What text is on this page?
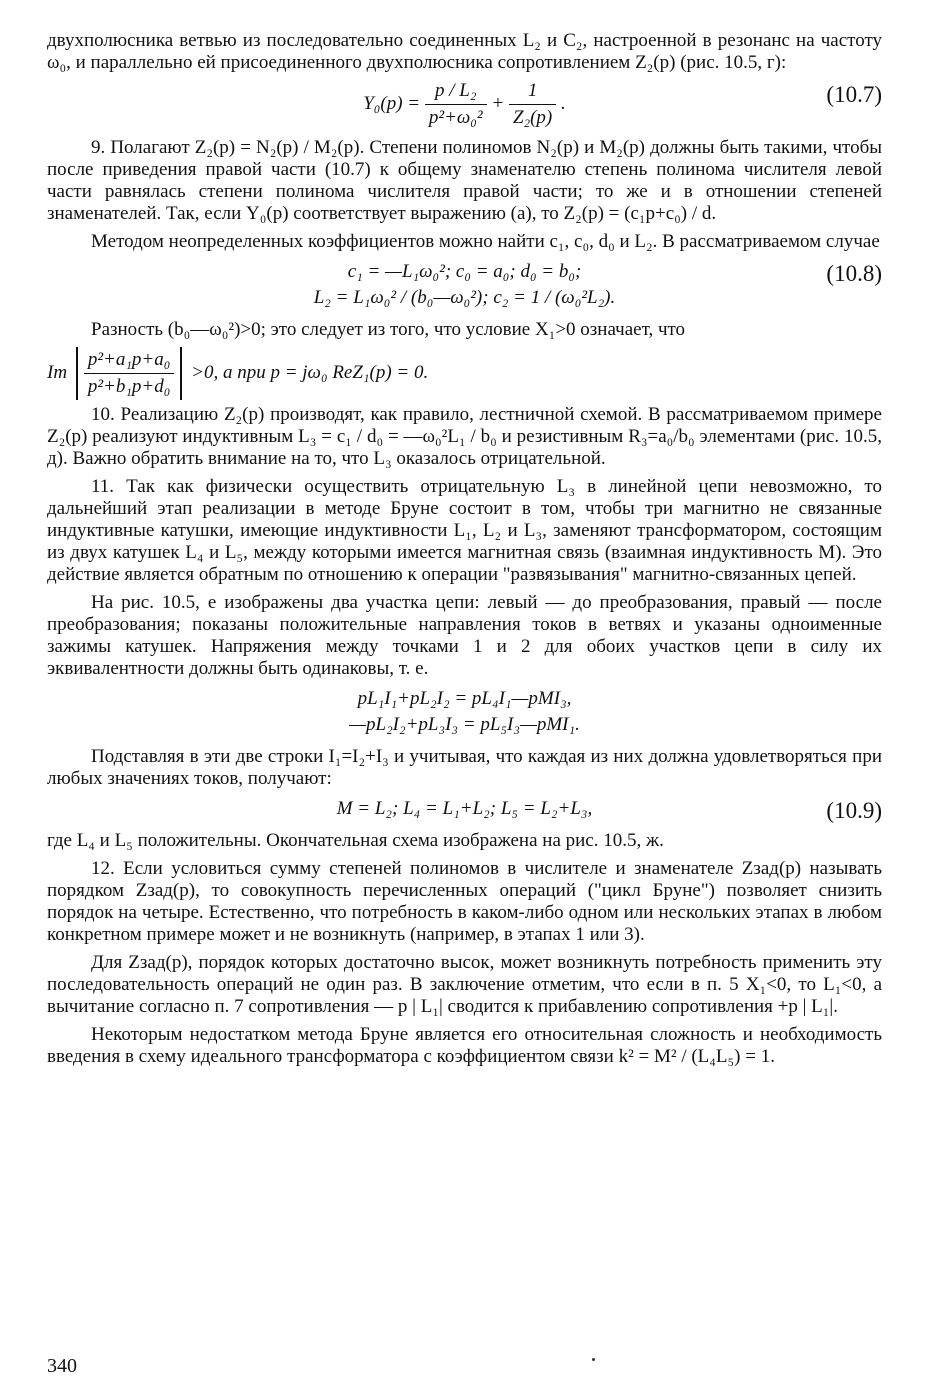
двухполюсника ветвью из последовательно соединенных L₂ и C₂, настроенной в резонанс на частоту ω₀, и параллельно ей присоединенного двухполюсника сопротивлением Z₂(p) (рис. 10.5, г):

$Y_0(p) = \frac{\text{p / L₂}}{\text{p²+ω₀²}} + \frac{1}{\text{Z₂(p)}}$ .	(10.7)

9. Полагают Z₂(p) = N₂(p) / M₂(p). Степени полиномов N₂(p) и M₂(p) должны быть такими, чтобы после приведения правой части (10.7) к общему знаменателю степень полинома числителя левой части равнялась степени полинома числителя правой части; то же и в отношении степеней знаменателей. Так, если Y₀(p) соответствует выражению (а), то Z₂(p) = (c₁p+c₀) / d.

Методом неопределенных коэффициентов можно найти c₁, c₀, d₀ и L₂. В рассматриваемом случае

c₁ = —L₁ω₀²; c₀ = a₀; d₀ = b₀;
L₂ = L₁ω₀² / (b₀—ω₀²); c₂ = 1 / (ω₀²L₂).
(10.8)

Разность (b₀—ω₀²)>0; это следует из того, что условие X₁>0 означает, что

Im $\frac{\text{p²+a₁p+a₀}}{\text{p²+b₁p+d₀}} >0$, а при p = jω₀ ReZ₁(p) = 0.

10. Реализацию Z₂(p) производят, как правило, лестничной схемой. В рассматриваемом примере Z₂(p) реализуют индуктивным L₃ = c₁ / d₀ = —ω₀²L₁ / b₀ и резистивным R₃=a₀/b₀ элементами (рис. 10.5, д). Важно обратить внимание на то, что L₃ оказалось отрицательной.

11. Так как физически осуществить отрицательную L₃ в линейной цепи невозможно, то дальнейший этап реализации в методе Бруне состоит в том, чтобы три магнитно не связанные индуктивные катушки, имеющие индуктивности L₁, L₂ и L₃, заменяют трансформатором, состоящим из двух катушек L₄ и L₅, между которыми имеется магнитная связь (взаимная индуктивность M). Это действие является обратным по отношению к операции "развязывания" магнитно-связанных цепей.

На рис. 10.5, е изображены два участка цепи: левый — до преобразования, правый — после преобразования; показаны положительные направления токов в ветвях и указаны одноименные зажимы катушек. Напряжения между точками 1 и 2 для обоих участков цепи в силу их эквивалентности должны быть одинаковы, т. е.

pL₁I₁+pL₂I₂ = pL₄I₁—pMI₃,
—pL₂I₂+pL₃I₃ = pL₅I₃—pMI₁.

Подставляя в эти две строки I₁=I₂+I₃ и учитывая, что каждая из них должна удовлетворяться при любых значениях токов, получают:

M = L₂; L₄ = L₁+L₂; L₅ = L₂+L₃,	(10.9)

где L₄ и L₅ положительны. Окончательная схема изображена на рис. 10.5, ж.

12. Если условиться сумму степеней полиномов в числителе и знаменателе Zзад(p) называть порядком Zзад(p), то совокупность перечисленных операций ("цикл Бруне") позволяет снизить порядок на четыре. Естественно, что потребность в каком-либо одном или нескольких этапах в любом конкретном примере может и не возникнуть (например, в этапах 1 или 3).

Для Zзад(p), порядок которых достаточно высок, может возникнуть потребность применить эту последовательность операций не один раз. В заключение отметим, что если в п. 5 X₁<0, то L₁<0, а вычитание согласно п. 7 сопротивления — p | L₁| сводится к прибавлению сопротивления +p | L₁|.

Некоторым недостатком метода Бруне является его относительная сложность и необходимость введения в схему идеального трансформатора с коэффициентом связи k² = M² / (L₄L₅) = 1.

340
